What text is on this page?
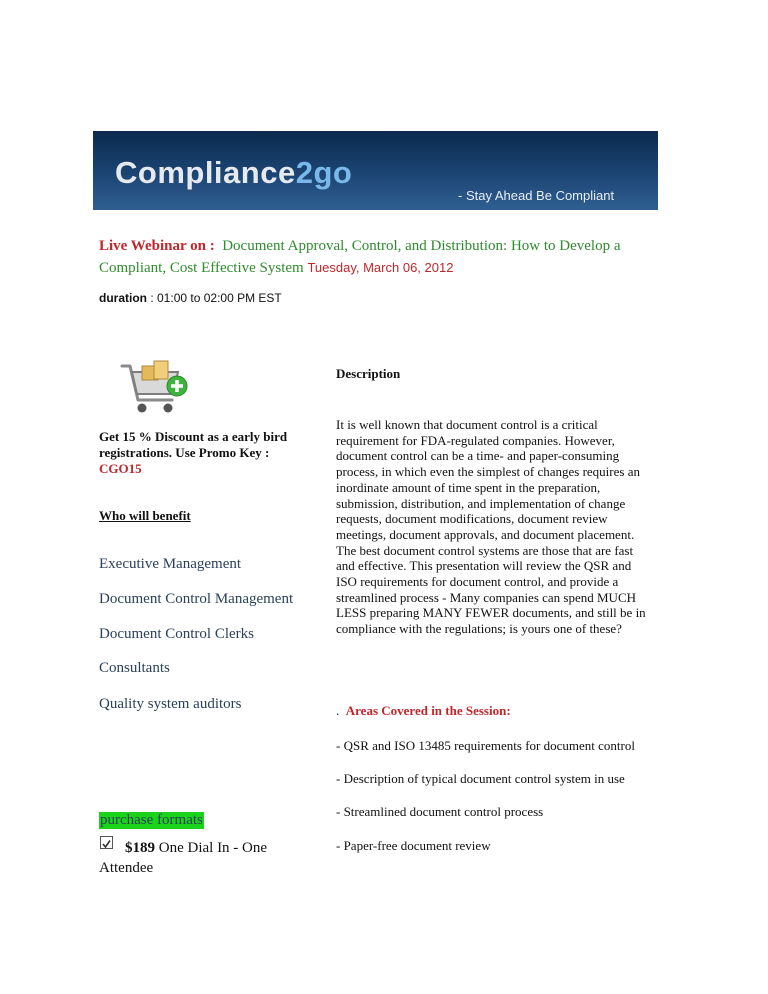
Compliance2go
- Stay Ahead Be Compliant
Live Webinar on : Document Approval, Control, and Distribution: How to Develop a Compliant, Cost Effective System Tuesday, March 06, 2012
duration : 01:00 to 02:00 PM EST
Get 15 % Discount as a early bird registrations. Use Promo Key :
CGO15
Who will benefit
Executive Management
Document Control Management
Document Control Clerks
Consultants
Quality system auditors
purchase formats
$189 One Dial In - One Attendee
Description
It is well known that document control is a critical requirement for FDA-regulated companies. However, document control can be a time- and paper-consuming process, in which even the simplest of changes requires an inordinate amount of time spent in the preparation, submission, distribution, and implementation of change requests, document modifications, document review meetings, document approvals, and document placement. The best document control systems are those that are fast and effective. This presentation will review the QSR and ISO requirements for document control, and provide a streamlined process - Many companies can spend MUCH LESS preparing MANY FEWER documents, and still be in compliance with the regulations; is yours one of these?
. Areas Covered in the Session:
- QSR and ISO 13485 requirements for document control
- Description of typical document control system in use
- Streamlined document control process
- Paper-free document review
